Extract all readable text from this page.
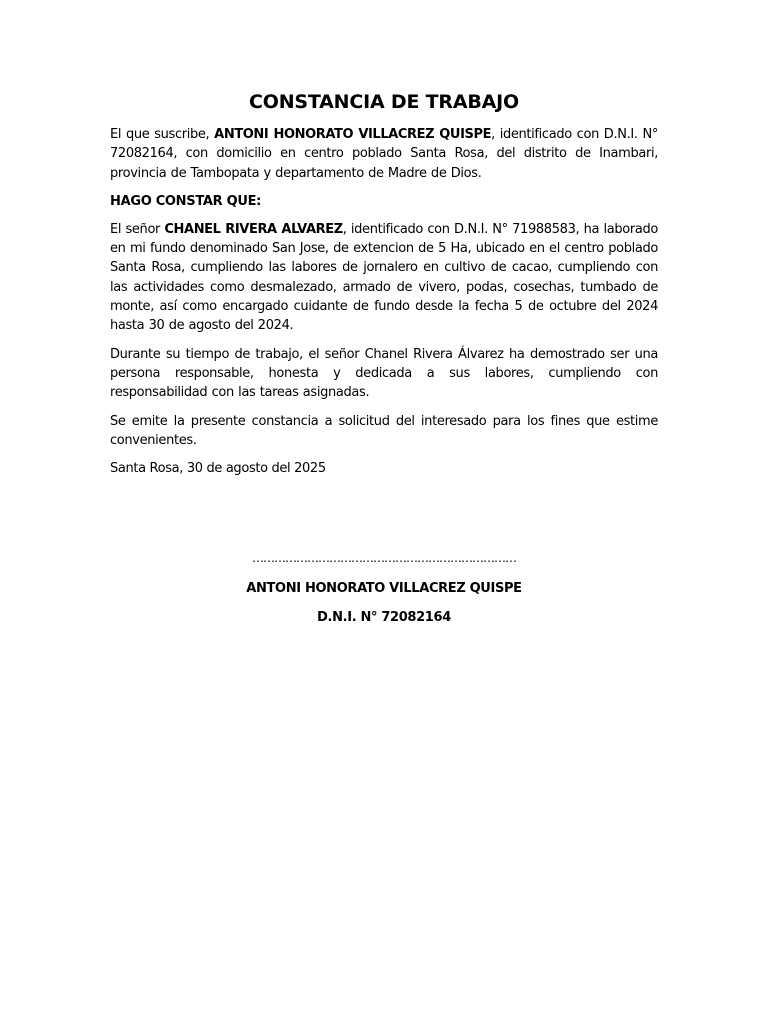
CONSTANCIA DE TRABAJO

El que suscribe, ANTONI HONORATO VILLACREZ QUISPE, identificado con D.N.I. N° 72082164, con domicilio en centro poblado Santa Rosa, del distrito de Inambari, provincia de Tambopata y departamento de Madre de Dios.

HAGO CONSTAR QUE:

El señor CHANEL RIVERA ALVAREZ, identificado con D.N.I. N° 71988583, ha laborado en mi fundo denominado San Jose, de extencion de 5 Ha, ubicado en el centro poblado Santa Rosa, cumpliendo las labores de jornalero en cultivo de cacao, cumpliendo con las actividades como desmalezado, armado de vivero, podas, cosechas, tumbado de monte, así como encargado cuidante de fundo desde la fecha 5 de octubre del 2024 hasta 30 de agosto del 2024.

Durante su tiempo de trabajo, el señor Chanel Rivera Álvarez ha demostrado ser una persona responsable, honesta y dedicada a sus labores, cumpliendo con responsabilidad con las tareas asignadas.

Se emite la presente constancia a solicitud del interesado para los fines que estime convenientes.

Santa Rosa, 30 de agosto del 2025

………………………………………………………………
ANTONI HONORATO VILLACREZ QUISPE
D.N.I. N° 72082164
